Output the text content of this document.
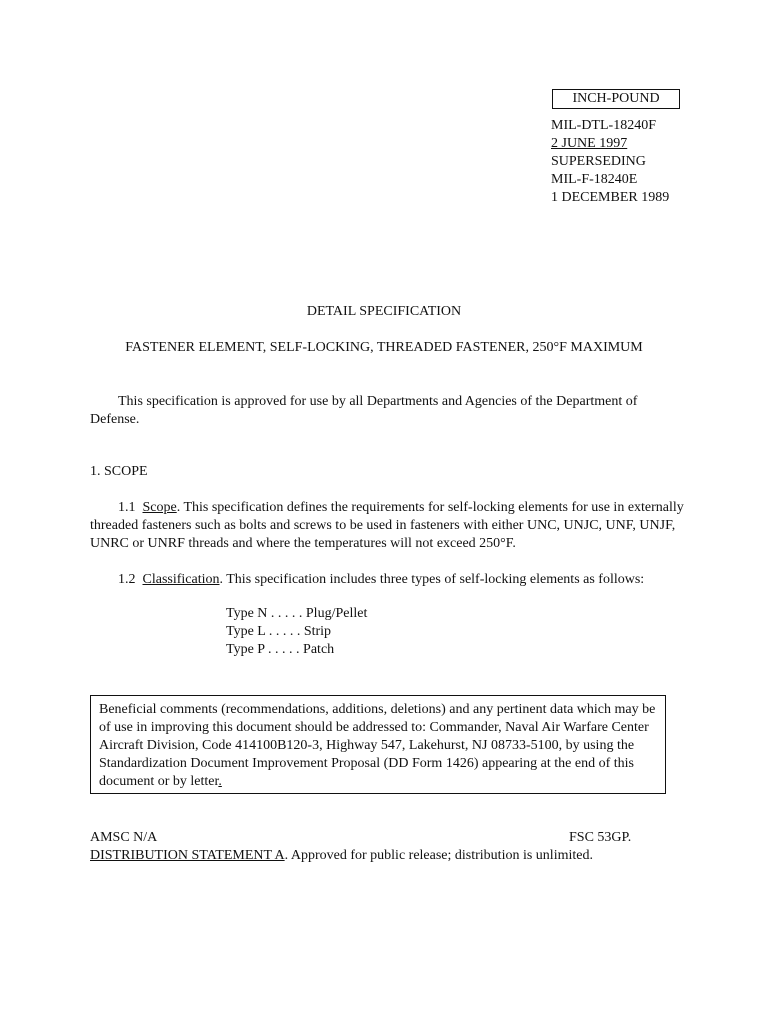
INCH-POUND
MIL-DTL-18240F
2 JUNE 1997
SUPERSEDING
MIL-F-18240E
1 DECEMBER 1989
DETAIL SPECIFICATION
FASTENER ELEMENT, SELF-LOCKING, THREADED FASTENER, 250°F MAXIMUM
This specification is approved for use by all Departments and Agencies of the Department of Defense.
1. SCOPE
1.1 Scope. This specification defines the requirements for self-locking elements for use in externally threaded fasteners such as bolts and screws to be used in fasteners with either UNC, UNJC, UNF, UNJF, UNRC or UNRF threads and where the temperatures will not exceed 250°F.
1.2 Classification. This specification includes three types of self-locking elements as follows:
Type N . . . . . Plug/Pellet
Type L . . . . . Strip
Type P . . . . . Patch
Beneficial comments (recommendations, additions, deletions) and any pertinent data which may be of use in improving this document should be addressed to: Commander, Naval Air Warfare Center Aircraft Division, Code 414100B120-3, Highway 547, Lakehurst, NJ 08733-5100, by using the Standardization Document Improvement Proposal (DD Form 1426) appearing at the end of this document or by letter.
AMSC N/A	FSC 53GP.
DISTRIBUTION STATEMENT A. Approved for public release; distribution is unlimited.
